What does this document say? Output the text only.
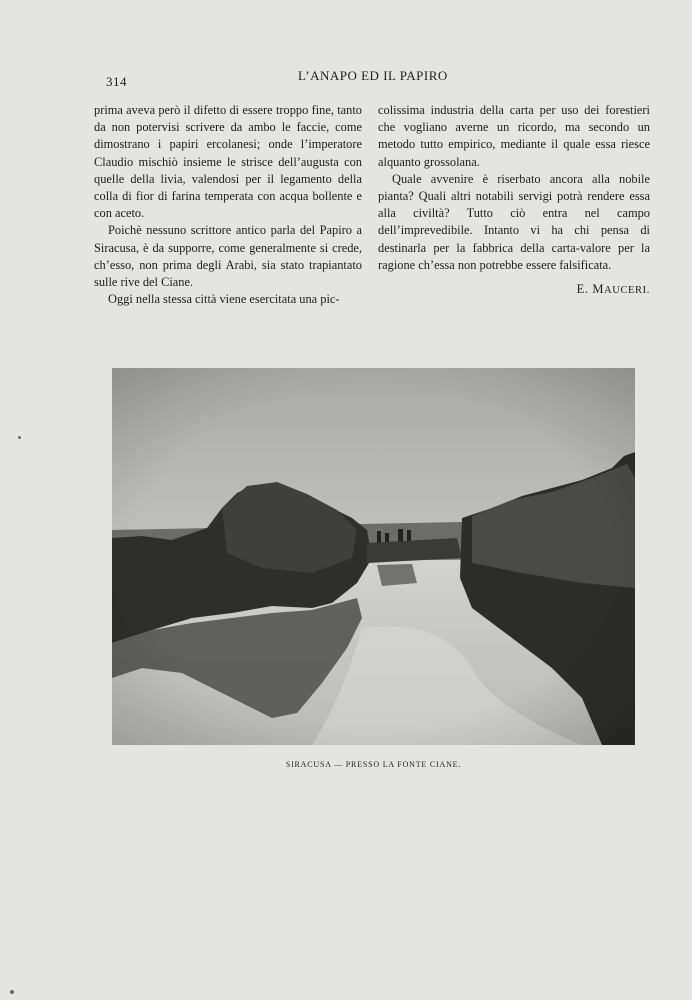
314	L’ANAPO ED IL PAPIRO

prima aveva però il difetto di essere troppo fine, tanto da non potervisi scrivere da ambo le faccie, come dimostrano i papiri ercolanesi; onde l’imperatore Claudio mischiò insieme le strisce dell’augusta con quelle della livia, valendosi per il legamento della colla di fior di farina temperata con acqua bollente e con aceto.

Poichè nessuno scrittore antico parla del Papiro a Siracusa, è da supporre, come generalmente si crede, ch’esso, non prima degli Arabi, sia stato trapiantato sulle rive del Ciane.

Oggi nella stessa città viene esercitata una pic-

colissima industria della carta per uso dei forestieri che vogliano averne un ricordo, ma secondo un metodo tutto empirico, mediante il quale essa riesce alquanto grossolana.

Quale avvenire è riserbato ancora alla nobile pianta? Quali altri notabili servigi potrà rendere essa alla civiltà? Tutto ciò entra nel campo dell’imprevedibile. Intanto vi ha chi pensa di destinarla per la fabbrica della carta-valore per la ragione ch’essa non potrebbe essere falsificata.

E. MAUCERI.
SIRACUSA — PRESSO LA FONTE CIANE.
